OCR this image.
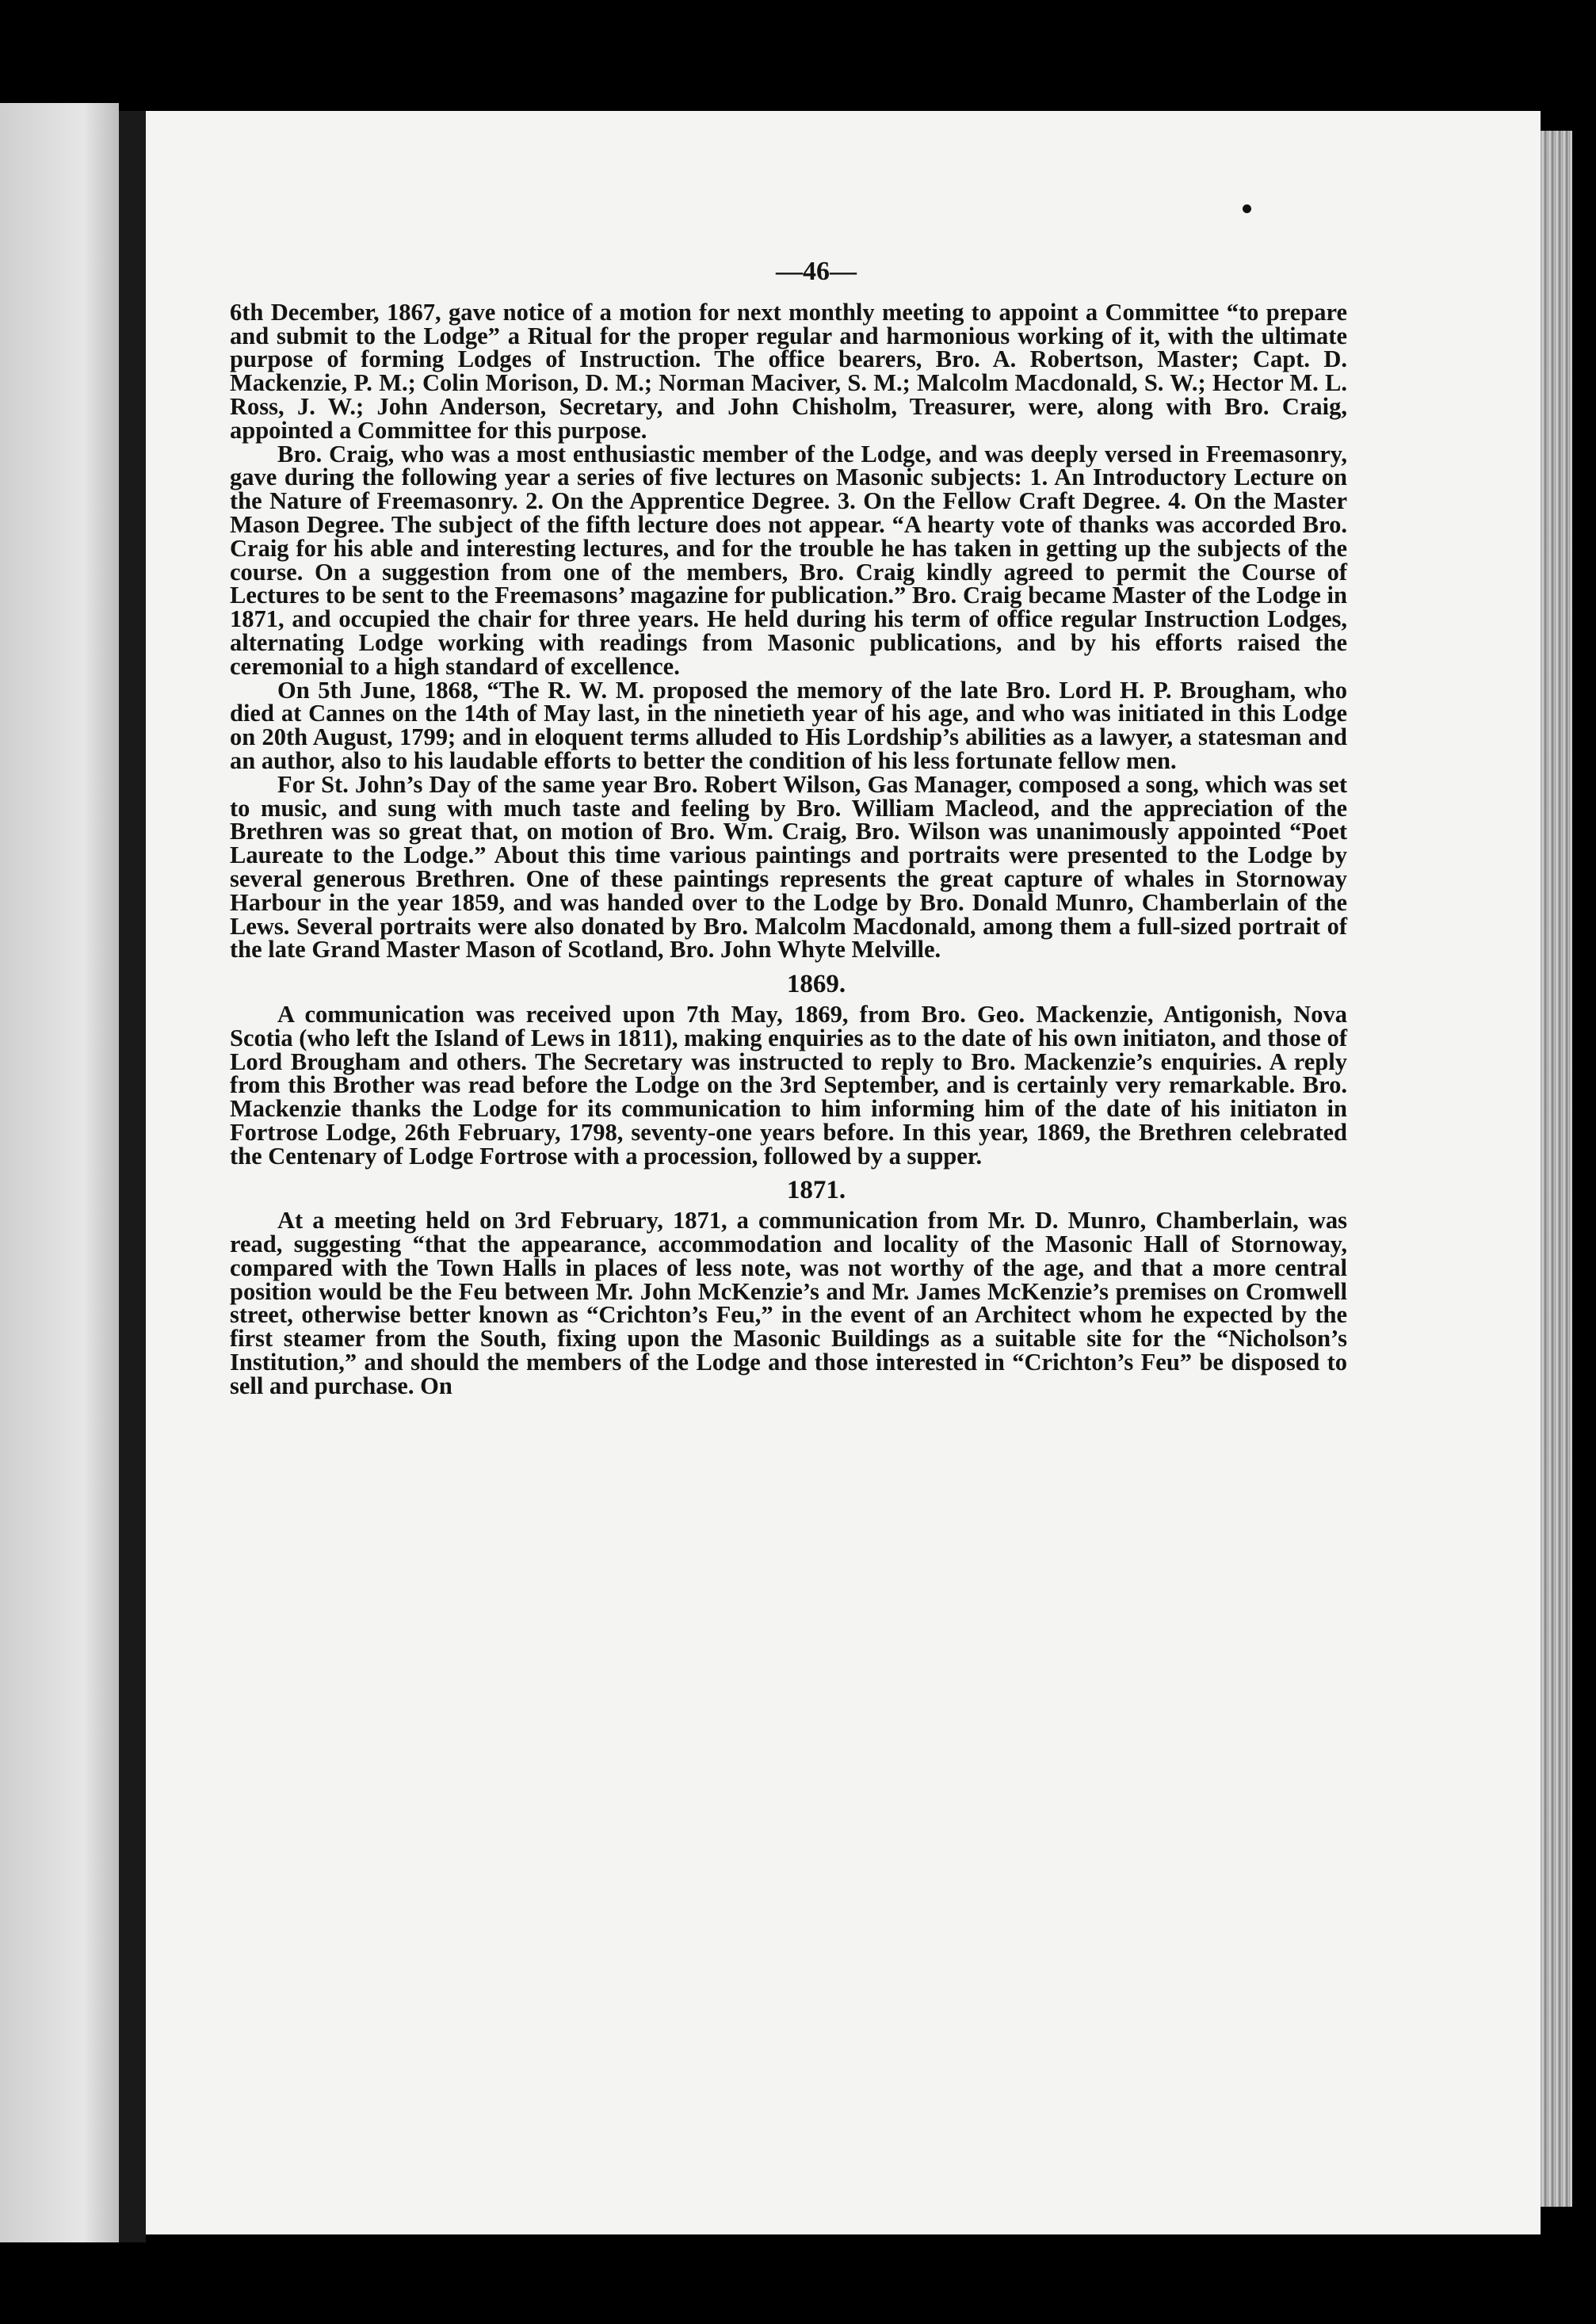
—46—

6th December, 1867, gave notice of a motion for next monthly meeting to appoint a Committee “to prepare and submit to the Lodge” a Ritual for the proper regular and harmonious working of it, with the ultimate purpose of forming Lodges of Instruction. The office bearers, Bro. A. Robertson, Master; Capt. D. Mackenzie, P. M.; Colin Morison, D. M.; Norman Maciver, S. M.; Malcolm Macdonald, S. W.; Hector M. L. Ross, J. W.; John Anderson, Secretary, and John Chisholm, Treasurer, were, along with Bro. Craig, appointed a Committee for this purpose.

Bro. Craig, who was a most enthusiastic member of the Lodge, and was deeply versed in Freemasonry, gave during the following year a series of five lectures on Masonic subjects: 1. An Introductory Lecture on the Nature of Freemasonry. 2. On the Apprentice Degree. 3. On the Fellow Craft Degree. 4. On the Master Mason Degree. The subject of the fifth lecture does not appear. “A hearty vote of thanks was accorded Bro. Craig for his able and interesting lectures, and for the trouble he has taken in getting up the subjects of the course. On a suggestion from one of the members, Bro. Craig kindly agreed to permit the Course of Lectures to be sent to the Freemasons’ magazine for publication.” Bro. Craig became Master of the Lodge in 1871, and occupied the chair for three years. He held during his term of office regular Instruction Lodges, alternating Lodge working with readings from Masonic publications, and by his efforts raised the ceremonial to a high standard of excellence.

On 5th June, 1868, “The R. W. M. proposed the memory of the late Bro. Lord H. P. Brougham, who died at Cannes on the 14th of May last, in the ninetieth year of his age, and who was initiated in this Lodge on 20th August, 1799; and in eloquent terms alluded to His Lordship’s abilities as a lawyer, a statesman and an author, also to his laudable efforts to better the condition of his less fortunate fellow men.

For St. John’s Day of the same year Bro. Robert Wilson, Gas Manager, composed a song, which was set to music, and sung with much taste and feeling by Bro. William Macleod, and the appreciation of the Brethren was so great that, on motion of Bro. Wm. Craig, Bro. Wilson was unanimously appointed “Poet Laureate to the Lodge.” About this time various paintings and portraits were presented to the Lodge by several generous Brethren. One of these paintings represents the great capture of whales in Stornoway Harbour in the year 1859, and was handed over to the Lodge by Bro. Donald Munro, Chamberlain of the Lews. Several portraits were also donated by Bro. Malcolm Macdonald, among them a full-sized portrait of the late Grand Master Mason of Scotland, Bro. John Whyte Melville.

1869.

A communication was received upon 7th May, 1869, from Bro. Geo. Mackenzie, Antigonish, Nova Scotia (who left the Island of Lews in 1811), making enquiries as to the date of his own initiaton, and those of Lord Brougham and others. The Secretary was instructed to reply to Bro. Mackenzie’s enquiries. A reply from this Brother was read before the Lodge on the 3rd September, and is certainly very remarkable. Bro. Mackenzie thanks the Lodge for its communication to him informing him of the date of his initiaton in Fortrose Lodge, 26th February, 1798, seventy-one years before. In this year, 1869, the Brethren celebrated the Centenary of Lodge Fortrose with a procession, followed by a supper.

1871.

At a meeting held on 3rd February, 1871, a communication from Mr. D. Munro, Chamberlain, was read, suggesting “that the appearance, accommodation and locality of the Masonic Hall of Stornoway, compared with the Town Halls in places of less note, was not worthy of the age, and that a more central position would be the Feu between Mr. John McKenzie’s and Mr. James McKenzie’s premises on Cromwell street, otherwise better known as “Crichton’s Feu,” in the event of an Architect whom he expected by the first steamer from the South, fixing upon the Masonic Buildings as a suitable site for the “Nicholson’s Institution,” and should the members of the Lodge and those interested in “Crichton’s Feu” be disposed to sell and purchase. On
